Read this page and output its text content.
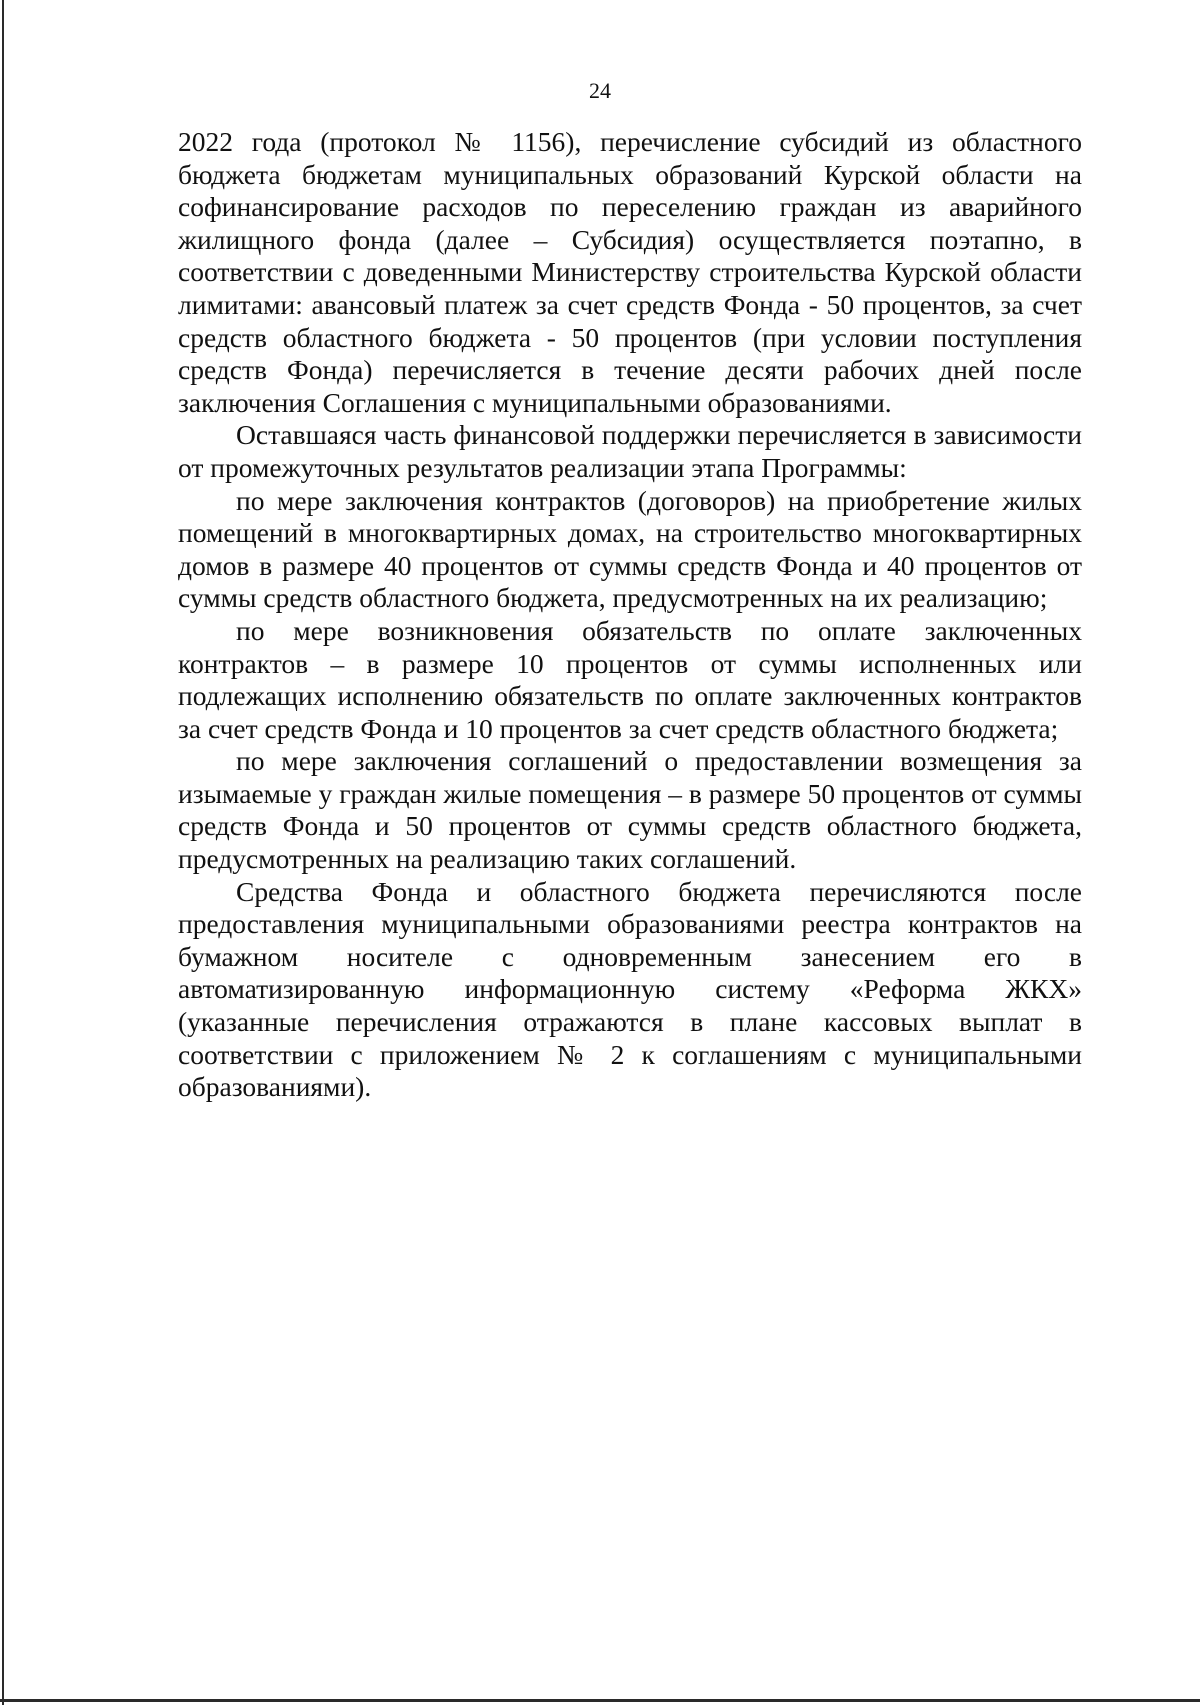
24

2022 года (протокол № 1156), перечисление субсидий из областного бюджета бюджетам муниципальных образований Курской области на софинансирование расходов по переселению граждан из аварийного жилищного фонда (далее – Субсидия) осуществляется поэтапно, в соответствии с доведенными Министерству строительства Курской области лимитами: авансовый платеж за счет средств Фонда - 50 процентов, за счет средств областного бюджета - 50 процентов (при условии поступления средств Фонда) перечисляется в течение десяти рабочих дней после заключения Соглашения с муниципальными образованиями.

Оставшаяся часть финансовой поддержки перечисляется в зависимости от промежуточных результатов реализации этапа Программы:

по мере заключения контрактов (договоров) на приобретение жилых помещений в многоквартирных домах, на строительство многоквартирных домов в размере 40 процентов от суммы средств Фонда и 40 процентов от суммы средств областного бюджета, предусмотренных на их реализацию;

по мере возникновения обязательств по оплате заключенных контрактов – в размере 10 процентов от суммы исполненных или подлежащих исполнению обязательств по оплате заключенных контрактов за счет средств Фонда и 10 процентов за счет средств областного бюджета;

по мере заключения соглашений о предоставлении возмещения за изымаемые у граждан жилые помещения – в размере 50 процентов от суммы средств Фонда и 50 процентов от суммы средств областного бюджета, предусмотренных на реализацию таких соглашений.

Средства Фонда и областного бюджета перечисляются после предоставления муниципальными образованиями реестра контрактов на бумажном носителе с одновременным занесением его в автоматизированную информационную систему «Реформа ЖКХ» (указанные перечисления отражаются в плане кассовых выплат в соответствии с приложением № 2 к соглашениям с муниципальными образованиями).
